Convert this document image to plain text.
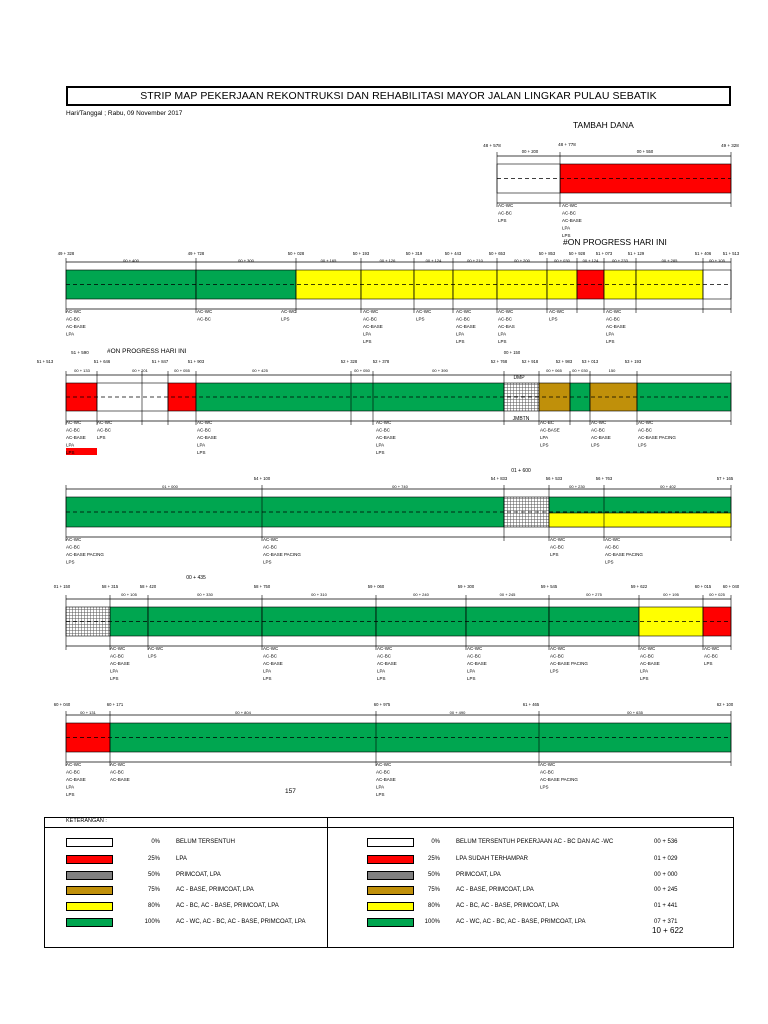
STRIP MAP PEKERJAAN REKONTRUKSI DAN REHABILITASI MAYOR JALAN LINGKAR PULAU SEBATIK
Hari/Tanggal ; Rabu, 09 November 2017
TAMBAH DANA
#ON PROGRESS HARI INI
#ON PROGRESS HARI INI
157
10 + 622
48 + 578	48 + 778	49 + 328
00 + 200	00 + 550
AC-WC
AC-BC
LPS
AC-WC
AC-BC
AC-BASE
LPA
LPS
49 + 328	49 + 728	50 + 028	50 + 193	50 + 319	50 + 443	50 + 653	50 + 853	50 + 928	51 + 073	51 + 129	51 + 406	51 + 513
00 + 400	00 + 300	00 + 165	00 + 126	00 + 124	00 + 210	00 + 200	00 + 030	00 + 124	00 + 233	00 + 285	00 + 105
AC-WC
AC-BC
AC-BASE
LPA
AC-WC
AC-BC
AC-WC
LPS
AC-WC
AC-BC
AC-BASE
LPA
LPS
AC-WC
LPS
AC-WC
AC-BC
AC-BASE
LPA
LPS
AC-WC
AC-BC
AC-BAS
LPA
LPS
AC-WC
LPS
AC-WC
AC-BC
AC-BASE
LPA
LPS
51 + 590
51 + 513	51 + 646	51 + 847	51 + 903	52 + 328	52 + 378	52 + 768	52 + 918	52 + 983 53 + 013	53 + 193
00 + 150
00 + 133	00 + 201	00 + 055	00 + 425	00 + 050	00 + 390	00 + 065	00 + 030	150
DMP
JMBTN
AC-WC
AC-BC
AC-BASE
LPA
LPS
AC-WC
AC-BC
LPS
AC-WC
AC-BC
AC-BASE
LPA
LPS
AC-WC
AC-BC
AC-BASE
LPA
LPS
AC-BC
AC-BASE
LPA
LPS
AC-WC
AC-BC
AC-BASE
LPS
AC-WC
AC-BC
AC-BASE PACING
LPS
01 + 600
54 + 100	54 + 833	56 + 533	56 + 763	57 + 165
01 + 000	00 + 740	00 + 230	00 + 402
AC-WC
AC-BC
AC-BASE PACING
LPS
AC-WC
AC-BC
AC-BASE PACING
LPS
AC-WC
AC-BC
LPS
AC-WC
AC-BC
AC-BASE PACING
LPS
00 + 435
01 + 150	58 + 315	58 + 420	58 + 750	59 + 060	59 + 300	59 + 545	59 + 622	60 + 015	60 + 040
00 + 105	00 + 330	00 + 310	00 + 240	00 + 245	00 + 275	00 + 195	00 + 025
AC-WC
AC-BC
AC-BASE
LPA
LPS
AC-WC
LPS
AC-WC
AC-BC
AC-BASE
LPA
LPS
AC-WC
AC-BC
AC-BASE
LPA
LPS
AC-WC
AC-BC
AC-BASE
LPA
LPS
AC-WC
AC-BC
AC-BASE PACING
LPS
AC-WC
AC-BC
AC-BASE
LPA
LPS
AC-WC
AC-BC
LPS
60 + 040	60 + 171	60 + 975	61 + 465	62 + 100
00 + 131	00 + 804	00 + 490	00 + 635
AC-WC
AC-BC
AC-BASE
LPA
LPS
AC-WC
AC-BC
AC-BASE
AC-WC
AC-BC
AC-BASE
LPA
LPS
AC-WC
AC-BC
AC-BASE PACING
LPS
KETERANGAN :
0%	BELUM TERSENTUH
25%	LPA
50%	PRIMCOAT, LPA
75%	AC - BASE, PRIMCOAT, LPA
80%	AC - BC, AC - BASE, PRIMCOAT, LPA
100%	AC - WC, AC - BC, AC - BASE, PRIMCOAT, LPA
0%	BELUM TERSENTUH PEKERJAAN AC - BC DAN AC -WC	00 + 536
25%	LPA SUDAH TERHAMPAR	01 + 029
50%	PRIMCOAT, LPA	00 + 000
75%	AC - BASE, PRIMCOAT, LPA	00 + 245
80%	AC - BC, AC - BASE, PRIMCOAT, LPA	01 + 441
100%	AC - WC, AC - BC, AC - BASE, PRIMCOAT, LPA	07 + 371
